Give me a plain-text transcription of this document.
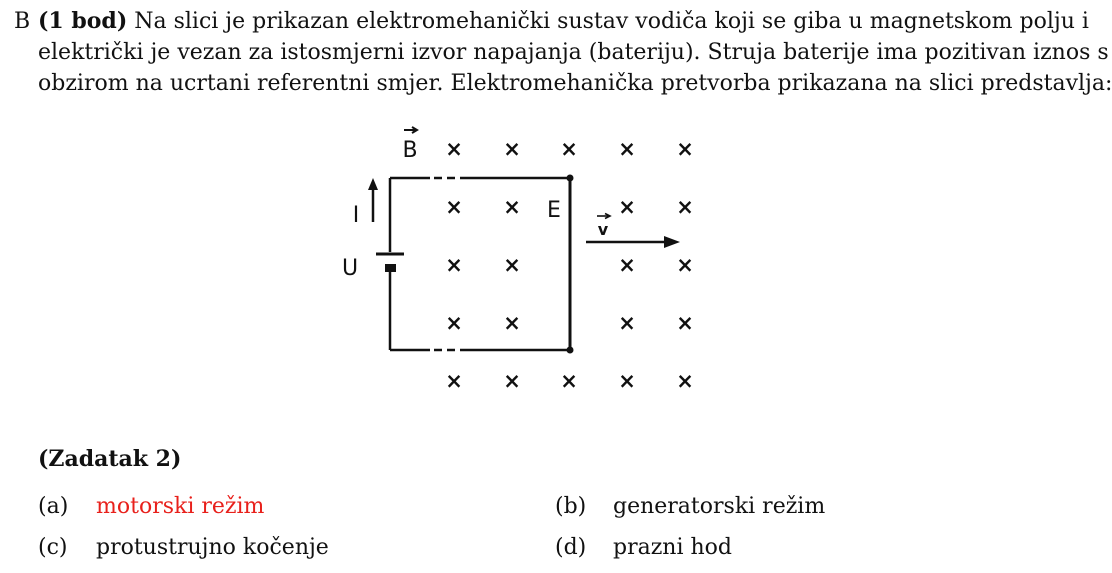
B (1 bod) Na slici je prikazan elektromehanički sustav vodiča koji se giba u magnetskom polju i
električki je vezan za istosmjerni izvor napajanja (bateriju). Struja baterije ima pozitivan iznos s
obzirom na ucrtani referentni smjer. Elektromehanička pretvorba prikazana na slici predstavlja:
B × × × × ×
× ×	× ×
× ×	× ×
× ×	× ×
× × × × ×
I
U
E
v
(Zadatak 2)
(a) motorski režim	(b) generatorski režim
(c) protustrujno kočenje	(d) prazni hod
